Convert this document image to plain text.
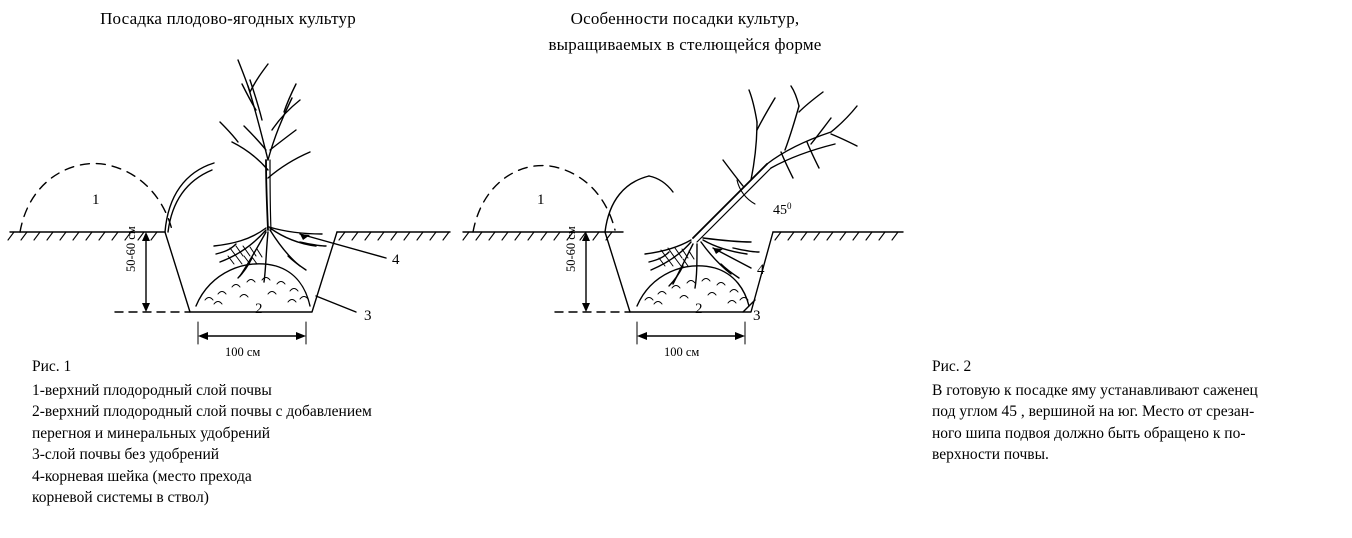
Посадка плодово-ягодных культур
1
2	3
4
50-60 см
100 см
Рис. 1

1-верхний плодородный слой почвы

2-верхний плодородный слой почвы с добавлением

перегноя и минеральных удобрений

3-слой почвы без удобрений

4-корневая шейка (место прехода

корневой системы в ствол)

Особенности посадки культур,
выращиваемых в стелющейся форме
1
2	3
4
$45^0$
50-60 см
100 см
Рис. 2

В готовую к посадке яму устанавливают саженец

под углом 45 , вершиной на юг. Место от срезан-

ного шипа подвоя должно быть обращено к по-

верхности почвы.
